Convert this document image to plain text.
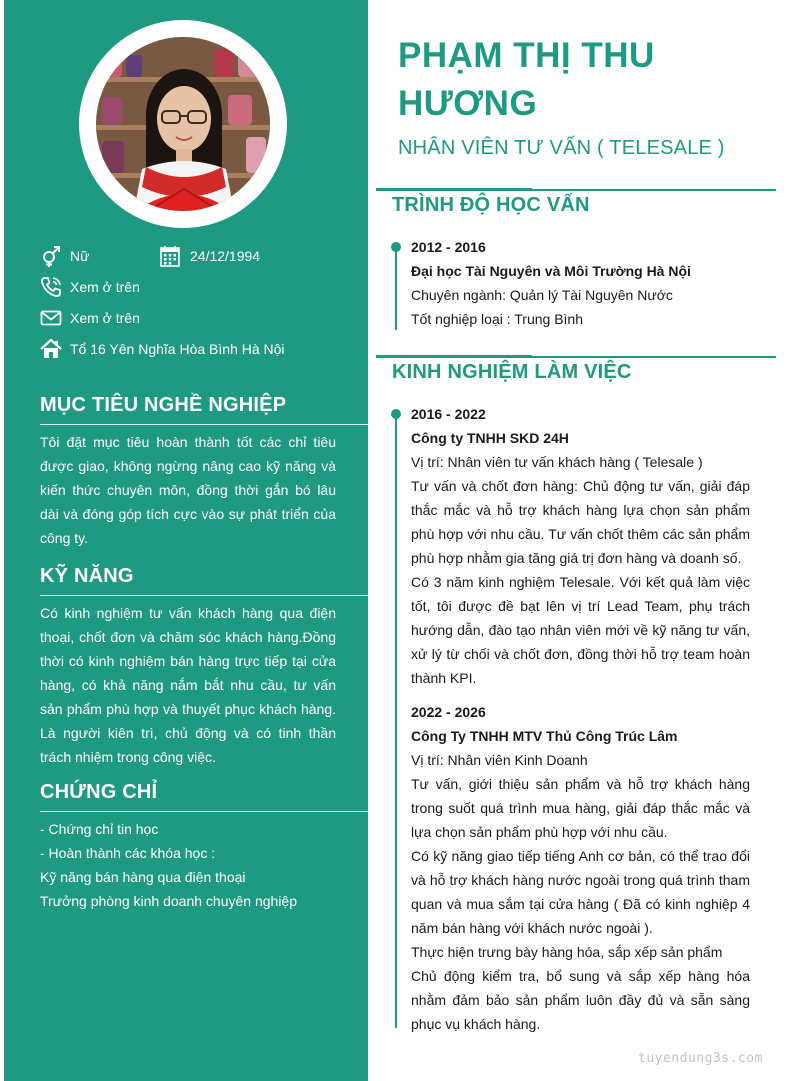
Nữ	24/12/1994
Xem ở trên
Xem ở trên
Tổ 16 Yên Nghĩa Hòa Bình Hà Nội
MỤC TIÊU NGHỀ NGHIỆP
Tôi đặt mục tiêu hoàn thành tốt các chỉ tiêu được giao, không ngừng nâng cao kỹ năng và kiến thức chuyên môn, đồng thời gắn bó lâu dài và đóng góp tích cực vào sự phát triển của công ty.
KỸ NĂNG
Có kinh nghiệm tư vấn khách hàng qua điện thoại, chốt đơn và chăm sóc khách hàng.Đồng thời có kinh nghiệm bán hàng trực tiếp tại cửa hàng, có khả năng nắm bắt nhu cầu, tư vấn sản phẩm phù hợp và thuyết phục khách hàng. Là người kiên trì, chủ động và có tinh thần trách nhiệm trong công việc.
CHỨNG CHỈ
- Chứng chỉ tin học
- Hoàn thành các khóa học :
Kỹ năng bán hàng qua điện thoại
Trưởng phòng kinh doanh chuyên nghiệp
PHẠM THỊ THU HƯƠNG
NHÂN VIÊN TƯ VẤN ( TELESALE )
TRÌNH ĐỘ HỌC VẤN
2012 - 2016
Đại học Tài Nguyên và Môi Trường Hà Nội
Chuyên ngành: Quản lý Tài Nguyên Nước
Tốt nghiệp loại : Trung Bình
KINH NGHIỆM LÀM VIỆC
2016 - 2022
Công ty TNHH SKD 24H
Vị trí: Nhân viên tư vấn khách hàng ( Telesale )
Tư vấn và chốt đơn hàng: Chủ động tư vấn, giải đáp thắc mắc và hỗ trợ khách hàng lựa chọn sản phẩm phù hợp với nhu cầu. Tư vấn chốt thêm các sản phẩm phù hợp nhằm gia tăng giá trị đơn hàng và doanh số.
Có 3 năm kinh nghiệm Telesale. Với kết quả làm việc tốt, tôi được đề bạt lên vị trí Lead Team, phụ trách hướng dẫn, đào tạo nhân viên mới về kỹ năng tư vấn, xử lý từ chối và chốt đơn, đồng thời hỗ trợ team hoàn thành KPI.
2022 - 2026
Công Ty TNHH MTV Thủ Công Trúc Lâm
Vị trí: Nhân viên Kinh Doanh
Tư vấn, giới thiệu sản phẩm và hỗ trợ khách hàng trong suốt quá trình mua hàng, giải đáp thắc mắc và lựa chọn sản phẩm phù hợp với nhu cầu.
Có kỹ năng giao tiếp tiếng Anh cơ bản, có thể trao đổi và hỗ trợ khách hàng nước ngoài trong quá trình tham quan và mua sắm tại cửa hàng ( Đã có kinh nghiệp 4 năm bán hàng với khách nước ngoài ).
Thực hiện trưng bày hàng hóa, sắp xếp sản phẩm
Chủ động kiểm tra, bổ sung và sắp xếp hàng hóa nhằm đảm bảo sản phẩm luôn đầy đủ và sẵn sàng phục vụ khách hàng.
tuyendung3s.com
